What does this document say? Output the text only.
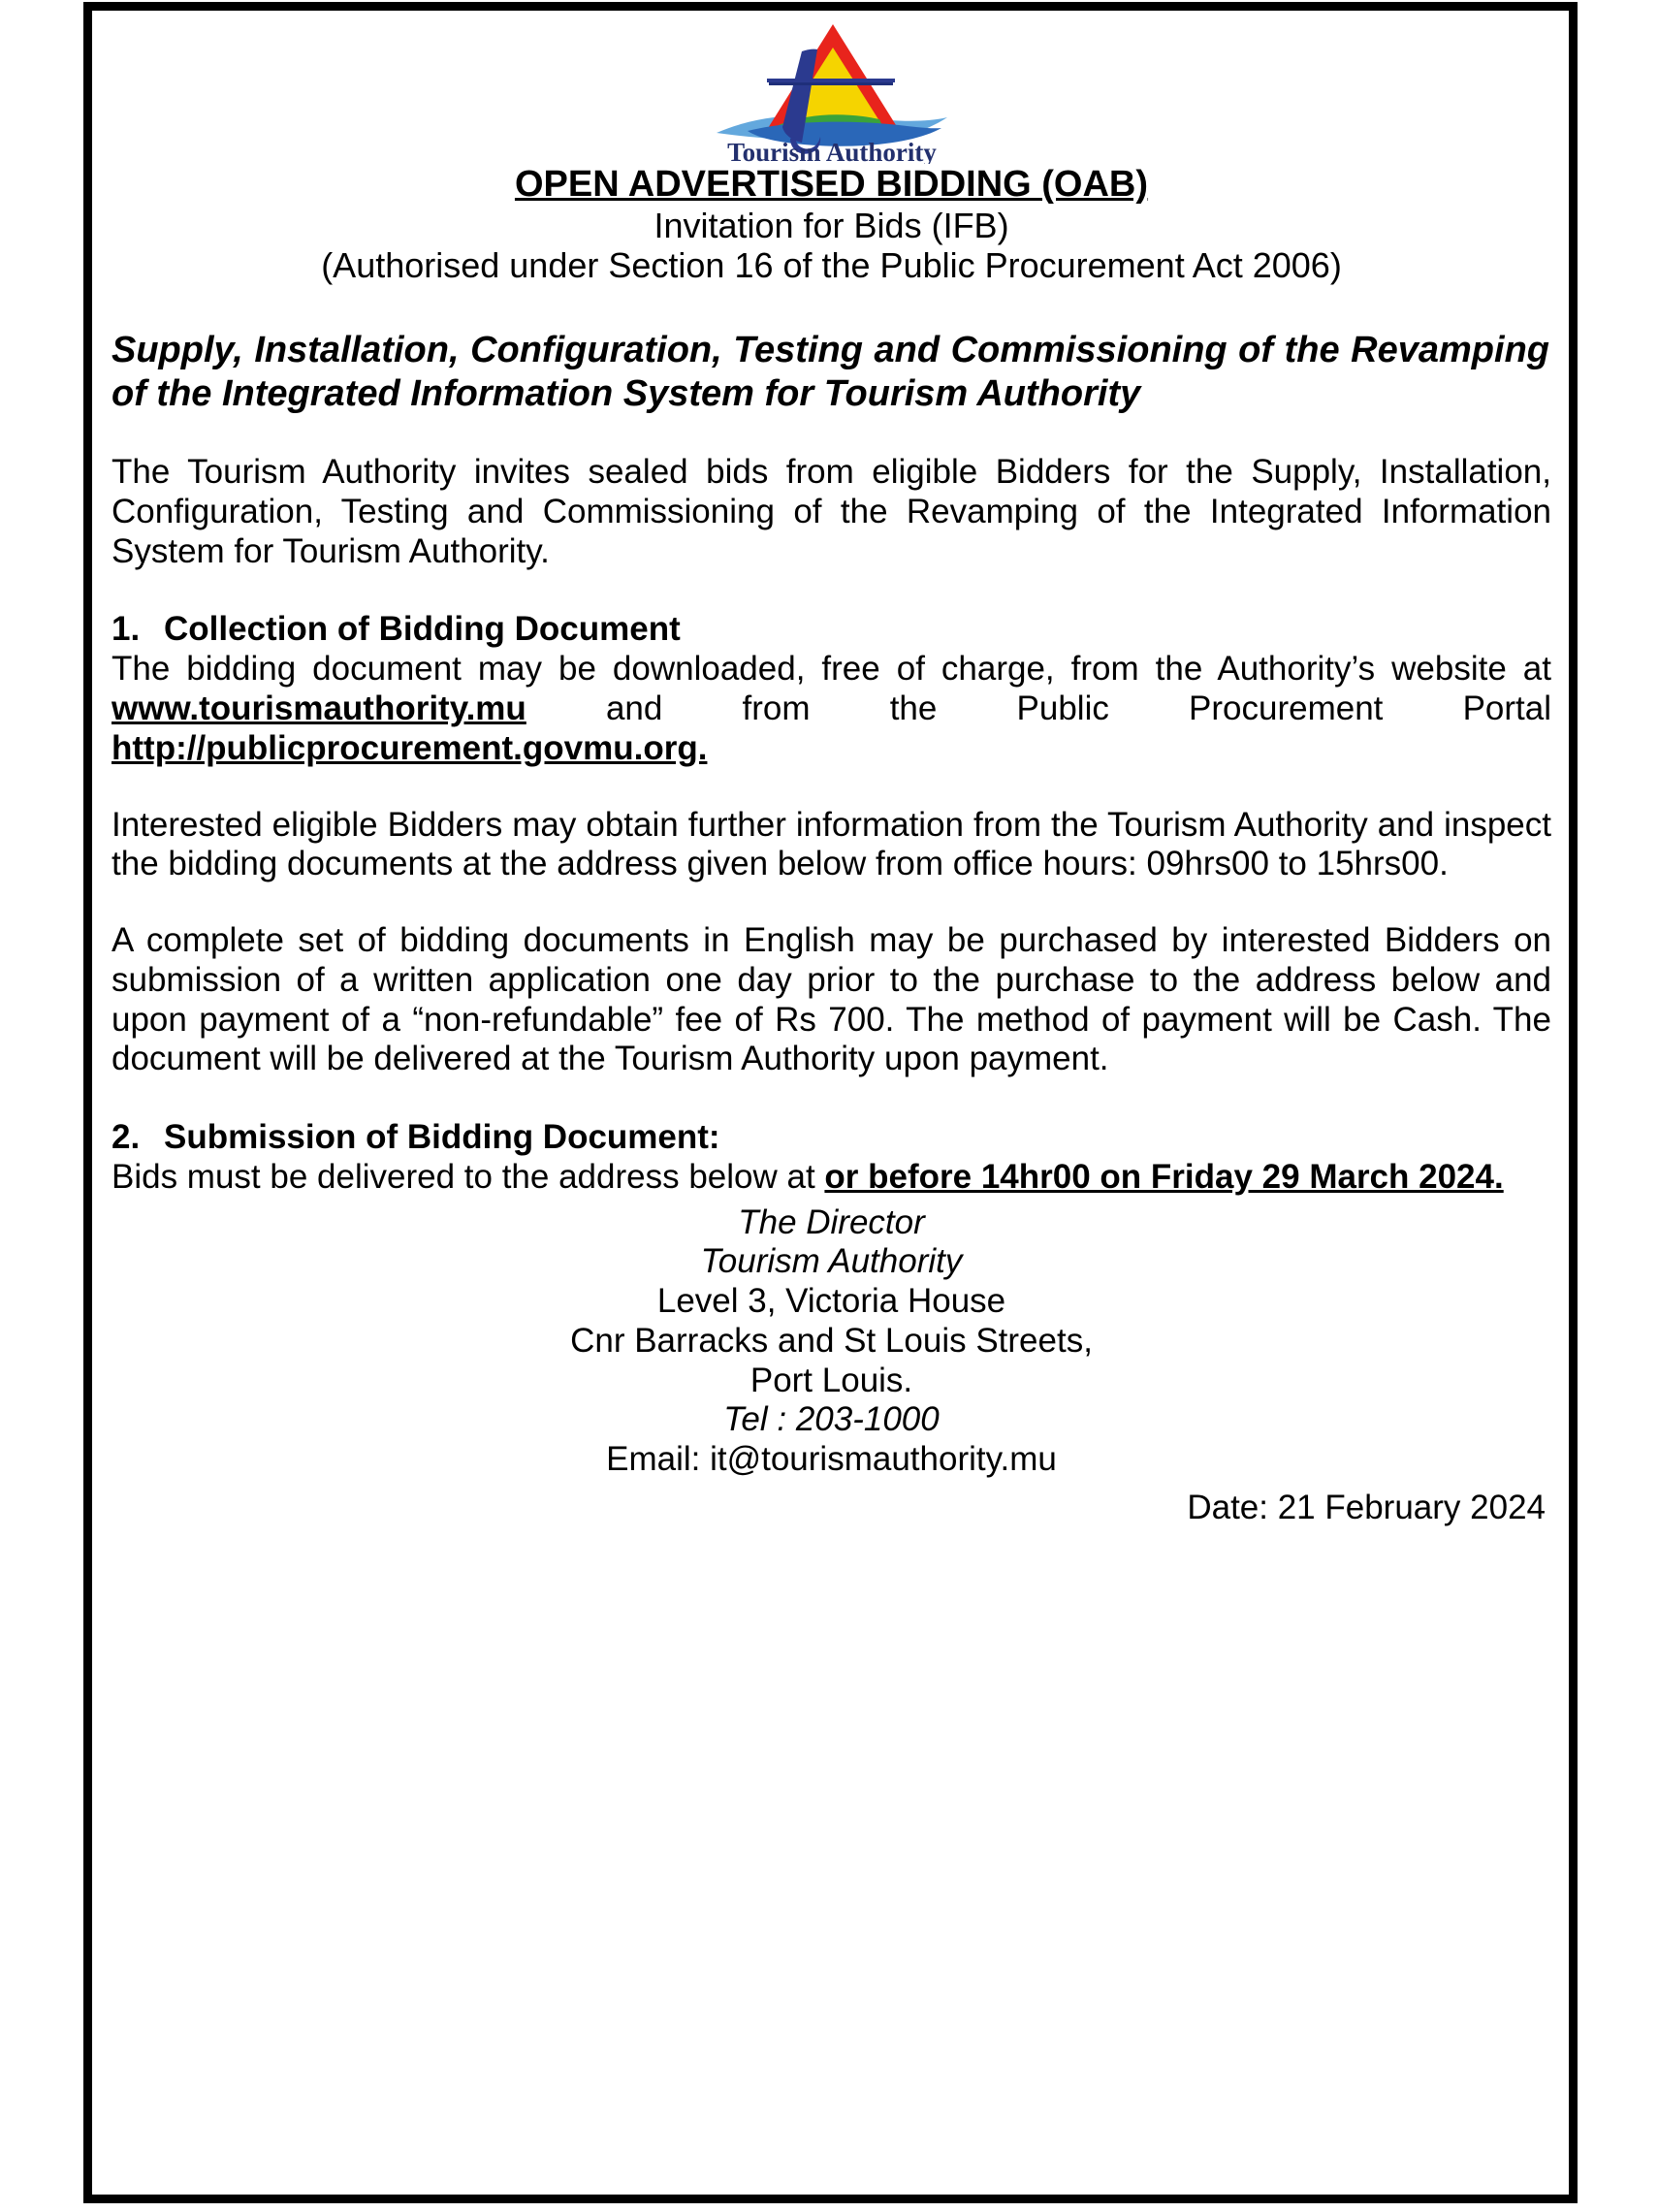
Tourism Authority
OPEN ADVERTISED BIDDING (OAB)
Invitation for Bids (IFB)
(Authorised under Section 16 of the Public Procurement Act 2006)
Supply, Installation, Configuration, Testing and Commissioning of the Revamping of the Integrated Information System for Tourism Authority
The Tourism Authority invites sealed bids from eligible Bidders for the Supply, Installation, Configuration, Testing and Commissioning of the Revamping of the Integrated Information System for Tourism Authority.
1. Collection of Bidding Document
The bidding document may be downloaded, free of charge, from the Authority’s website at www.tourismauthority.mu and from the Public Procurement Portal http://publicprocurement.govmu.org.
Interested eligible Bidders may obtain further information from the Tourism Authority and inspect the bidding documents at the address given below from office hours: 09hrs00 to 15hrs00.
A complete set of bidding documents in English may be purchased by interested Bidders on submission of a written application one day prior to the purchase to the address below and upon payment of a “non-refundable” fee of Rs 700. The method of payment will be Cash. The document will be delivered at the Tourism Authority upon payment.
2. Submission of Bidding Document:
Bids must be delivered to the address below at or before 14hr00 on Friday 29 March 2024.
The Director
Tourism Authority
Level 3, Victoria House
Cnr Barracks and St Louis Streets,
Port Louis.
Tel : 203-1000
Email: it@tourismauthority.mu
Date: 21 February 2024
